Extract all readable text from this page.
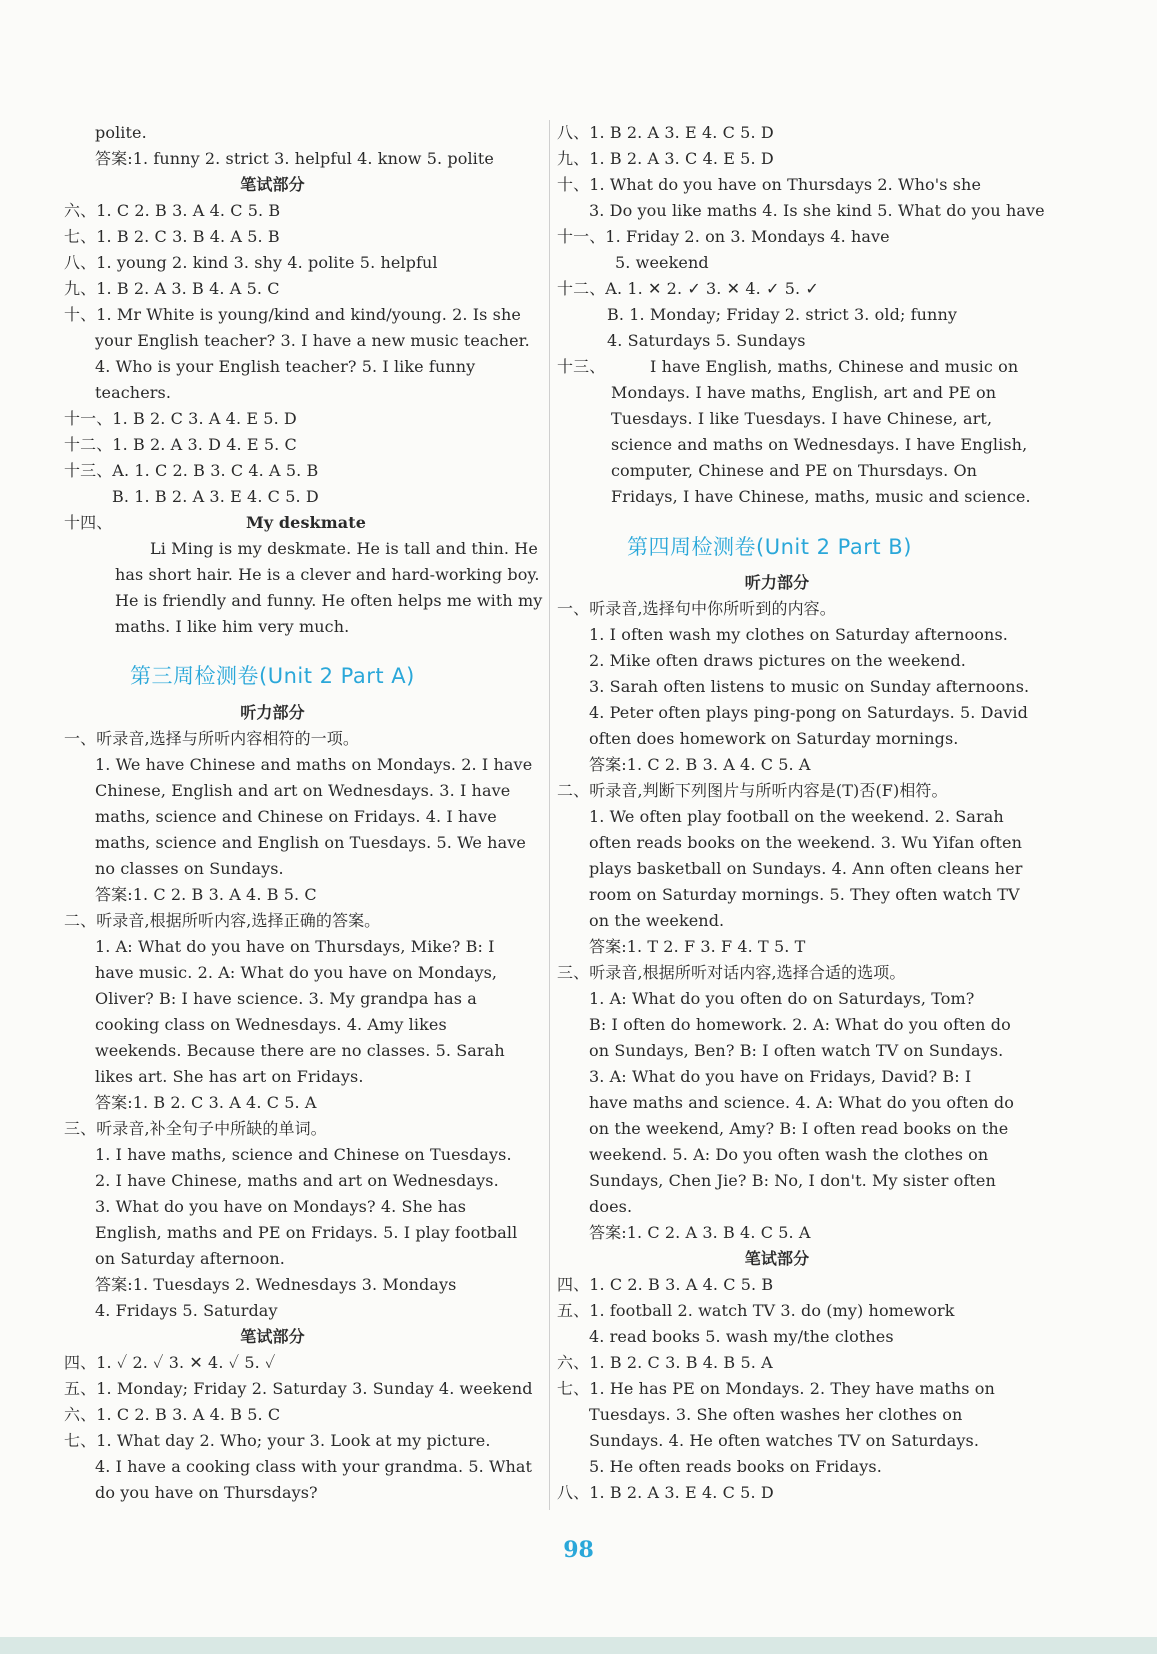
polite.
答案:1. funny 2. strict 3. helpful 4. know 5. polite
笔试部分
六、1. C 2. B 3. A 4. C 5. B
七、1. B 2. C 3. B 4. A 5. B
八、1. young 2. kind 3. shy 4. polite 5. helpful
九、1. B 2. A 3. B 4. A 5. C
十、1. Mr White is young/kind and kind/young. 2. Is she
your English teacher? 3. I have a new music teacher.
4. Who is your English teacher? 5. I like funny
teachers.
十一、1. B 2. C 3. A 4. E 5. D
十二、1. B 2. A 3. D 4. E 5. C
十三、A. 1. C 2. B 3. C 4. A 5. B
B. 1. B 2. A 3. E 4. C 5. D
十四、	My deskmate
Li Ming is my deskmate. He is tall and thin. He
has short hair. He is a clever and hard-working boy.
He is friendly and funny. He often helps me with my
maths. I like him very much.
第三周检测卷(Unit 2 Part A)
听力部分
一、听录音,选择与所听内容相符的一项。
1. We have Chinese and maths on Mondays. 2. I have
Chinese, English and art on Wednesdays. 3. I have
maths, science and Chinese on Fridays. 4. I have
maths, science and English on Tuesdays. 5. We have
no classes on Sundays.
答案:1. C 2. B 3. A 4. B 5. C
二、听录音,根据所听内容,选择正确的答案。
1. A: What do you have on Thursdays, Mike? B: I
have music. 2. A: What do you have on Mondays,
Oliver? B: I have science. 3. My grandpa has a
cooking class on Wednesdays. 4. Amy likes
weekends. Because there are no classes. 5. Sarah
likes art. She has art on Fridays.
答案:1. B 2. C 3. A 4. C 5. A
三、听录音,补全句子中所缺的单词。
1. I have maths, science and Chinese on Tuesdays.
2. I have Chinese, maths and art on Wednesdays.
3. What do you have on Mondays? 4. She has
English, maths and PE on Fridays. 5. I play football
on Saturday afternoon.
答案:1. Tuesdays 2. Wednesdays 3. Mondays
4. Fridays 5. Saturday
笔试部分
四、1. ✓ 2. ✓ 3. ✕ 4. ✓ 5. ✓
五、1. Monday; Friday 2. Saturday 3. Sunday 4. weekend
六、1. C 2. B 3. A 4. B 5. C
七、1. What day 2. Who; your 3. Look at my picture.
4. I have a cooking class with your grandma. 5. What
do you have on Thursdays?
八、1. B 2. A 3. E 4. C 5. D
九、1. B 2. A 3. C 4. E 5. D
十、1. What do you have on Thursdays 2. Who's she
3. Do you like maths 4. Is she kind 5. What do you have
十一、1. Friday 2. on 3. Mondays 4. have
5. weekend
十二、A. 1. ✕ 2. ✓ 3. ✕ 4. ✓ 5. ✓
B. 1. Monday; Friday 2. strict 3. old; funny
4. Saturdays 5. Sundays
十三、	I have English, maths, Chinese and music on
Mondays. I have maths, English, art and PE on
Tuesdays. I like Tuesdays. I have Chinese, art,
science and maths on Wednesdays. I have English,
computer, Chinese and PE on Thursdays. On
Fridays, I have Chinese, maths, music and science.
第四周检测卷(Unit 2 Part B)
听力部分
一、听录音,选择句中你所听到的内容。
1. I often wash my clothes on Saturday afternoons.
2. Mike often draws pictures on the weekend.
3. Sarah often listens to music on Sunday afternoons.
4. Peter often plays ping-pong on Saturdays. 5. David
often does homework on Saturday mornings.
答案:1. C 2. B 3. A 4. C 5. A
二、听录音,判断下列图片与所听内容是(T)否(F)相符。
1. We often play football on the weekend. 2. Sarah
often reads books on the weekend. 3. Wu Yifan often
plays basketball on Sundays. 4. Ann often cleans her
room on Saturday mornings. 5. They often watch TV
on the weekend.
答案:1. T 2. F 3. F 4. T 5. T
三、听录音,根据所听对话内容,选择合适的选项。
1. A: What do you often do on Saturdays, Tom?
B: I often do homework. 2. A: What do you often do
on Sundays, Ben? B: I often watch TV on Sundays.
3. A: What do you have on Fridays, David? B: I
have maths and science. 4. A: What do you often do
on the weekend, Amy? B: I often read books on the
weekend. 5. A: Do you often wash the clothes on
Sundays, Chen Jie? B: No, I don't. My sister often
does.
答案:1. C 2. A 3. B 4. C 5. A
笔试部分
四、1. C 2. B 3. A 4. C 5. B
五、1. football 2. watch TV 3. do (my) homework
4. read books 5. wash my/the clothes
六、1. B 2. C 3. B 4. B 5. A
七、1. He has PE on Mondays. 2. They have maths on
Tuesdays. 3. She often washes her clothes on
Sundays. 4. He often watches TV on Saturdays.
5. He often reads books on Fridays.
八、1. B 2. A 3. E 4. C 5. D
98
